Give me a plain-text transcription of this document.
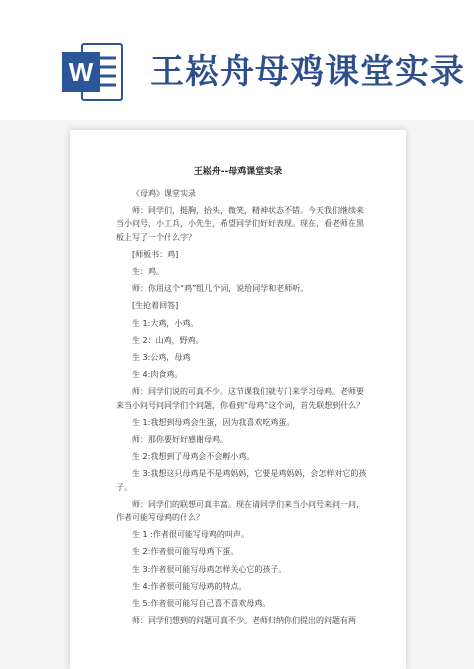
W 王崧舟母鸡课堂实录
王崧舟--母鸡课堂实录

《母鸡》课堂实录

师：同学们，挺胸，抬头，微笑，精神状态不错。今天我们继续来当小问号，小工兵，小先生，希望同学们好好表现。现在，看老师在黑板上写了一个什么字？

[师板书：鸡]

生：鸡。

师：你用这个“鸡”组几个词，说给同学和老师听。

[生抢着回答]

生 1:大鸡，小鸡。

生 2：山鸡，野鸡。

生 3:公鸡，母鸡

生 4:肉食鸡。

师：同学们说的可真不少。这节课我们就专门来学习母鸡。老师要来当小问号问同学们个问题，你看到“母鸡”这个词，首先联想到什么？

生 1:我想到母鸡会生蛋，因为我喜欢吃鸡蛋。

师：那你要好好感谢母鸡。

生 2:我想到了母鸡会不会孵小鸡。

生 3:我想这只母鸡是不是鸡妈妈，它要是鸡妈妈，会怎样对它的孩子。

师：同学们的联想可真丰富。现在请同学们来当小问号来问一问，作者可能写母鸡的什么？

生 1 :作者很可能写母鸡的叫声。

生 2:作者很可能写母鸡下蛋。

生 3:作者很可能写母鸡怎样关心它的孩子。

生 4:作者很可能写母鸡的特点。

生 5:作者很可能写自己喜不喜欢母鸡。

师：同学们想到的问题可真不少。老师归纳你们提出的问题有两
